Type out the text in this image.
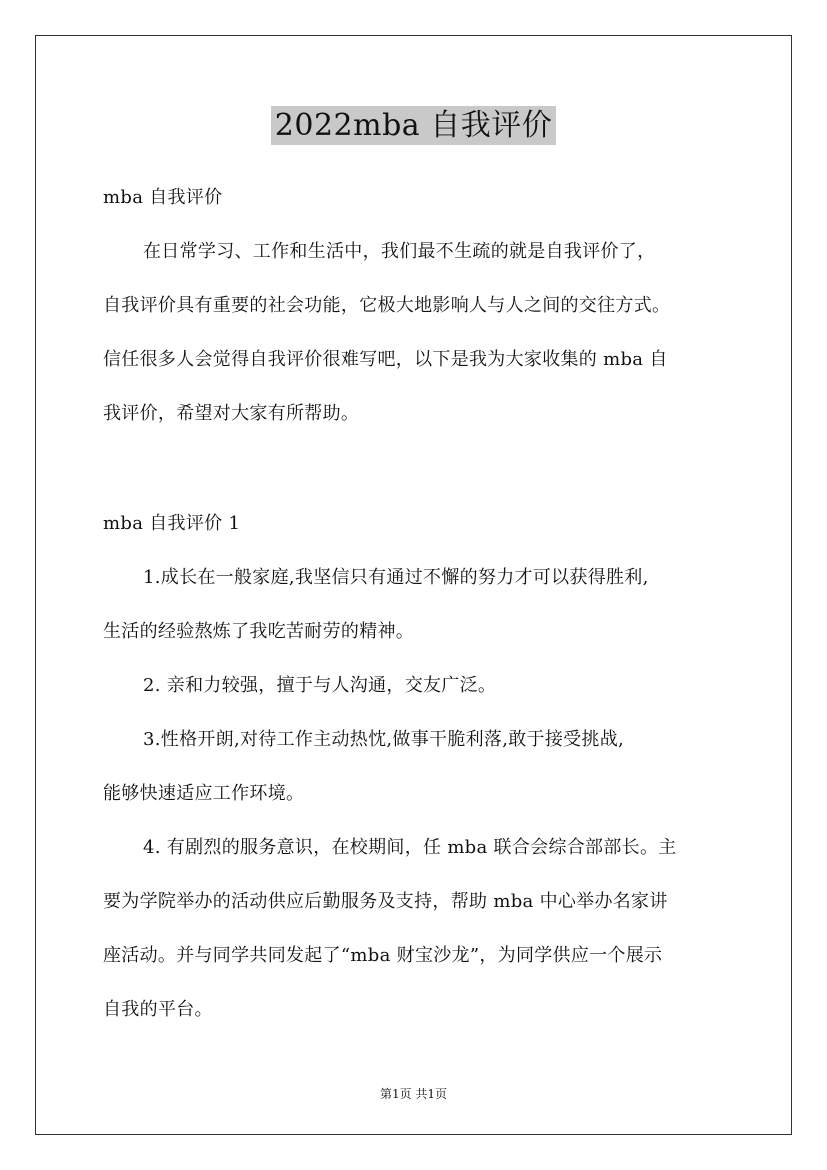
2022mba 自我评价
mba 自我评价
在日常学习、工作和生活中，我们最不生疏的就是自我评价了，
自我评价具有重要的社会功能，它极大地影响人与人之间的交往方式。
信任很多人会觉得自我评价很难写吧，以下是我为大家收集的 mba 自
我评价，希望对大家有所帮助。
mba 自我评价 1
1.成长在一般家庭,我坚信只有通过不懈的努力才可以获得胜利,
生活的经验熬炼了我吃苦耐劳的精神。
2. 亲和力较强，擅于与人沟通，交友广泛。
3.性格开朗,对待工作主动热忱,做事干脆利落,敢于接受挑战,
能够快速适应工作环境。
4. 有剧烈的服务意识，在校期间，任 mba 联合会综合部部长。主
要为学院举办的活动供应后勤服务及支持，帮助 mba 中心举办名家讲
座活动。并与同学共同发起了“mba 财宝沙龙”，为同学供应一个展示
自我的平台。
第1页 共1页
